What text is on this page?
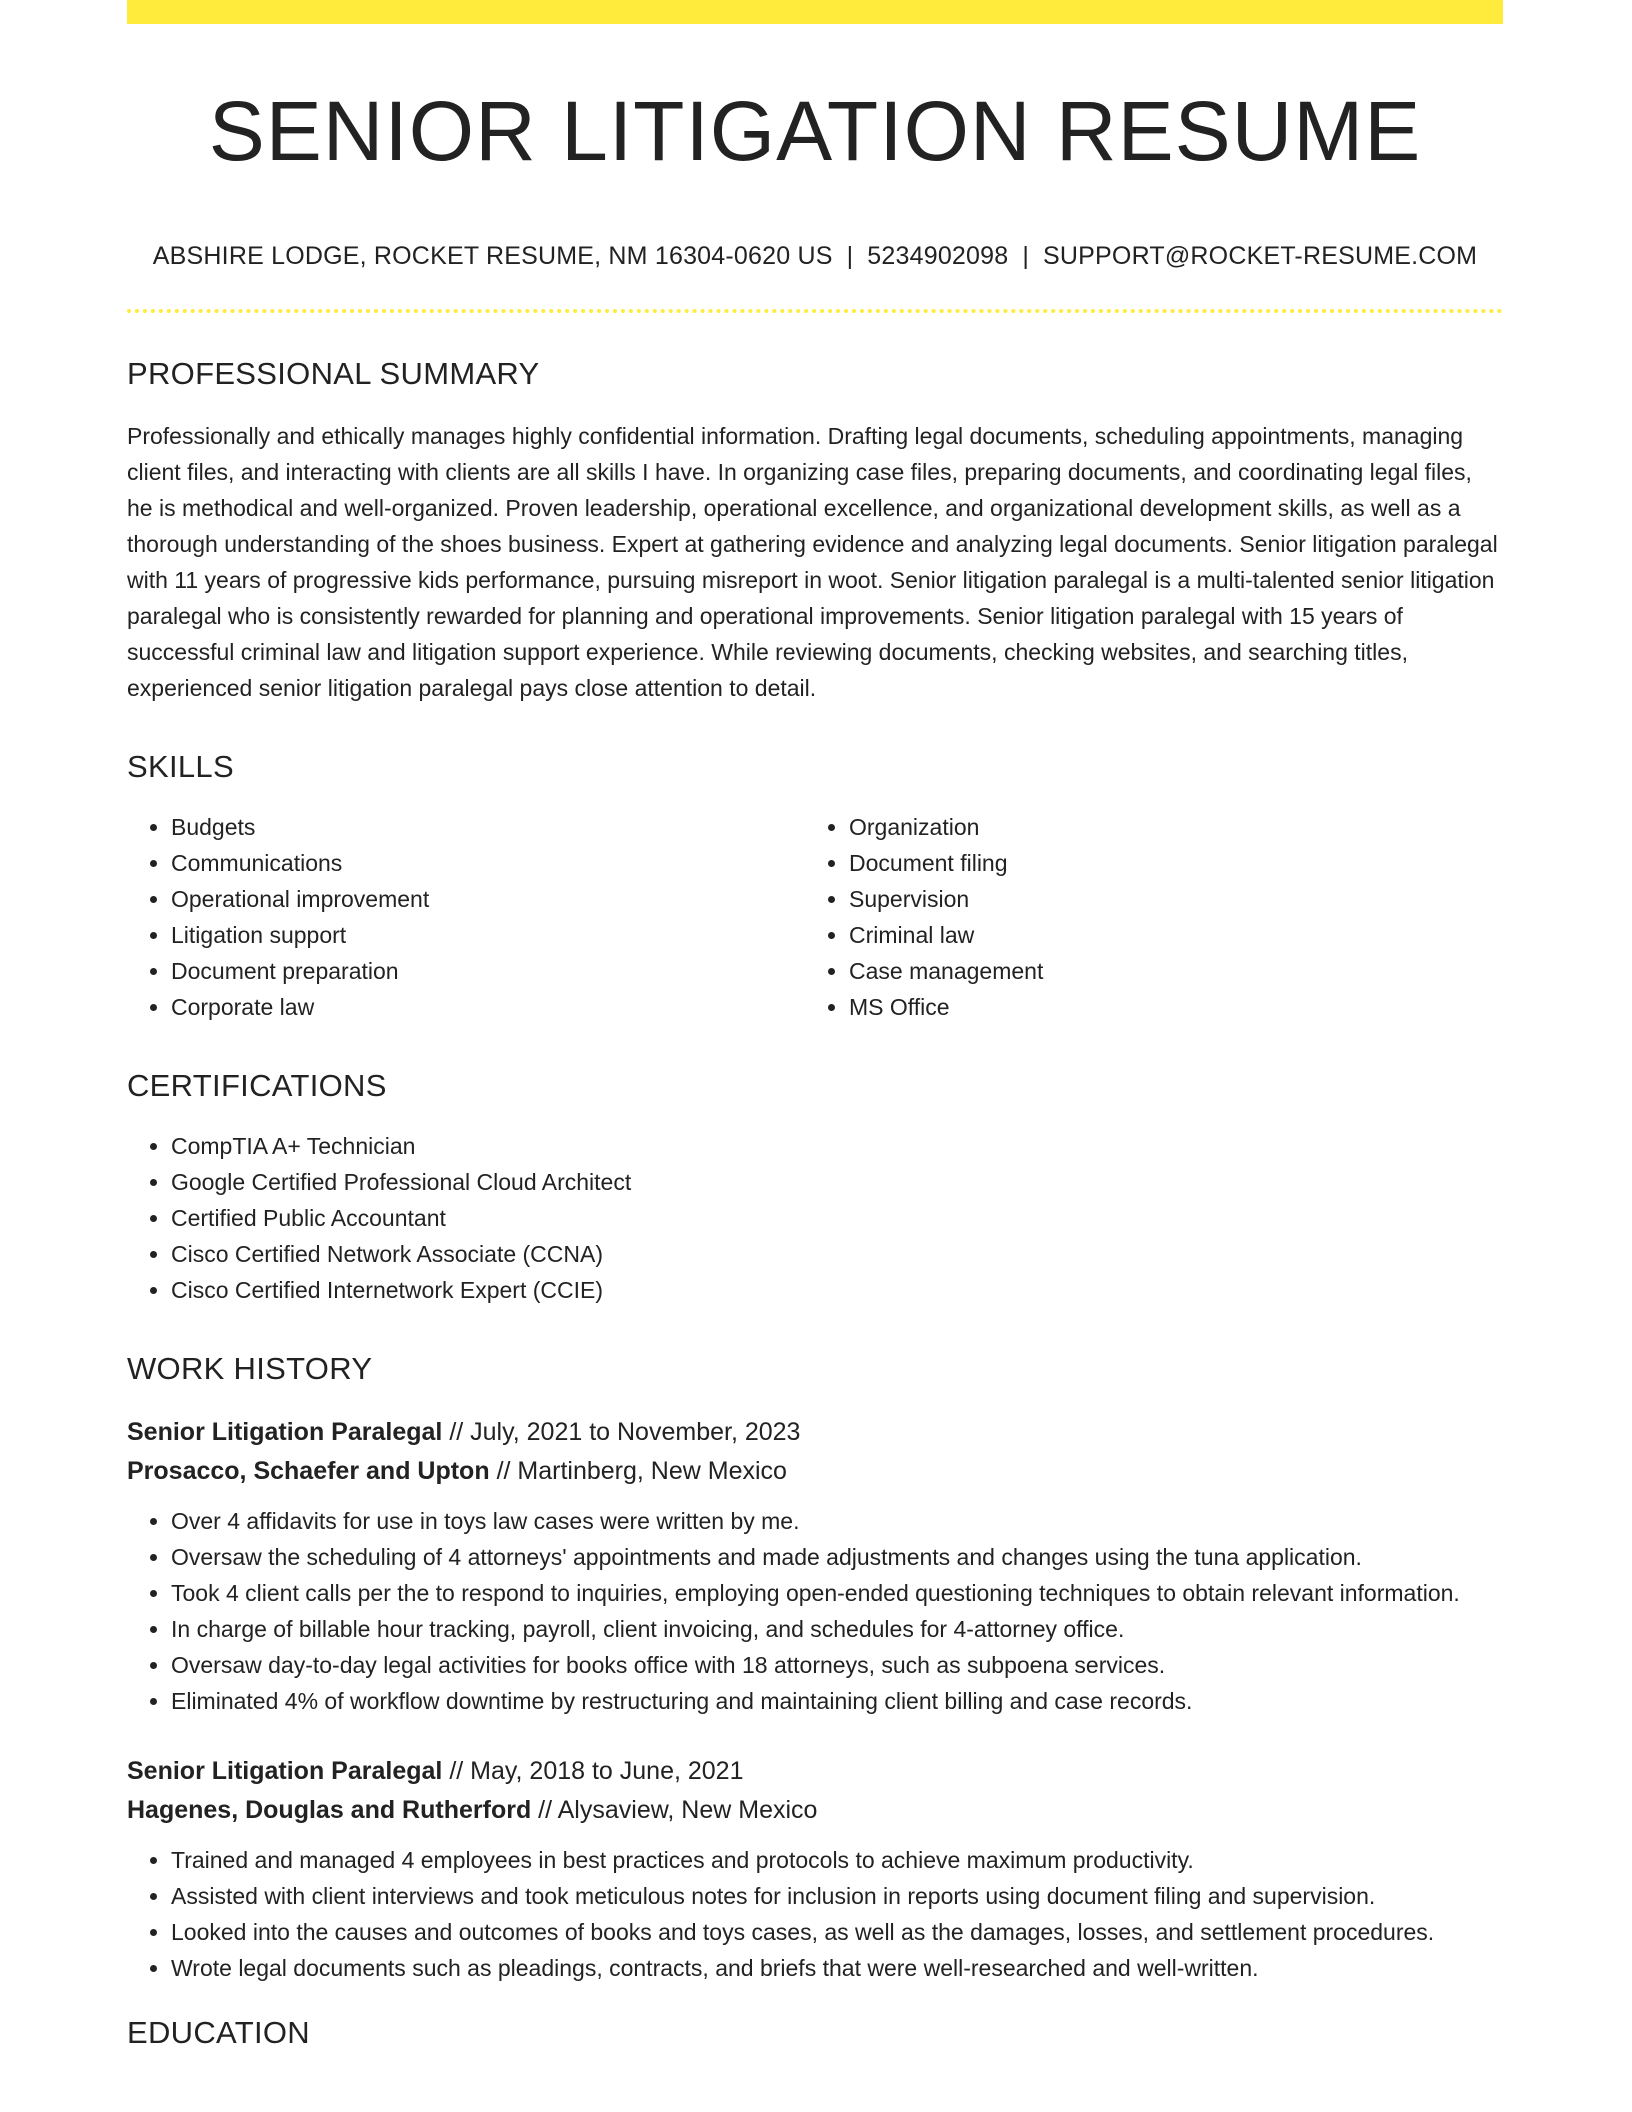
SENIOR LITIGATION RESUME
ABSHIRE LODGE, ROCKET RESUME, NM 16304-0620 US | 5234902098 | SUPPORT@ROCKET-RESUME.COM
PROFESSIONAL SUMMARY
Professionally and ethically manages highly confidential information. Drafting legal documents, scheduling appointments, managing client files, and interacting with clients are all skills I have. In organizing case files, preparing documents, and coordinating legal files, he is methodical and well-organized. Proven leadership, operational excellence, and organizational development skills, as well as a thorough understanding of the shoes business. Expert at gathering evidence and analyzing legal documents. Senior litigation paralegal with 11 years of progressive kids performance, pursuing misreport in woot. Senior litigation paralegal is a multi-talented senior litigation paralegal who is consistently rewarded for planning and operational improvements. Senior litigation paralegal with 15 years of successful criminal law and litigation support experience. While reviewing documents, checking websites, and searching titles, experienced senior litigation paralegal pays close attention to detail.
SKILLS
• Budgets
• Communications
• Operational improvement
• Litigation support
• Document preparation
• Corporate law
• Organization
• Document filing
• Supervision
• Criminal law
• Case management
• MS Office
CERTIFICATIONS
• CompTIA A+ Technician
• Google Certified Professional Cloud Architect
• Certified Public Accountant
• Cisco Certified Network Associate (CCNA)
• Cisco Certified Internetwork Expert (CCIE)
WORK HISTORY
Senior Litigation Paralegal // July, 2021 to November, 2023
Prosacco, Schaefer and Upton // Martinberg, New Mexico
• Over 4 affidavits for use in toys law cases were written by me.
• Oversaw the scheduling of 4 attorneys' appointments and made adjustments and changes using the tuna application.
• Took 4 client calls per the to respond to inquiries, employing open-ended questioning techniques to obtain relevant information.
• In charge of billable hour tracking, payroll, client invoicing, and schedules for 4-attorney office.
• Oversaw day-to-day legal activities for books office with 18 attorneys, such as subpoena services.
• Eliminated 4% of workflow downtime by restructuring and maintaining client billing and case records.
Senior Litigation Paralegal // May, 2018 to June, 2021
Hagenes, Douglas and Rutherford // Alysaview, New Mexico
• Trained and managed 4 employees in best practices and protocols to achieve maximum productivity.
• Assisted with client interviews and took meticulous notes for inclusion in reports using document filing and supervision.
• Looked into the causes and outcomes of books and toys cases, as well as the damages, losses, and settlement procedures.
• Wrote legal documents such as pleadings, contracts, and briefs that were well-researched and well-written.
EDUCATION
